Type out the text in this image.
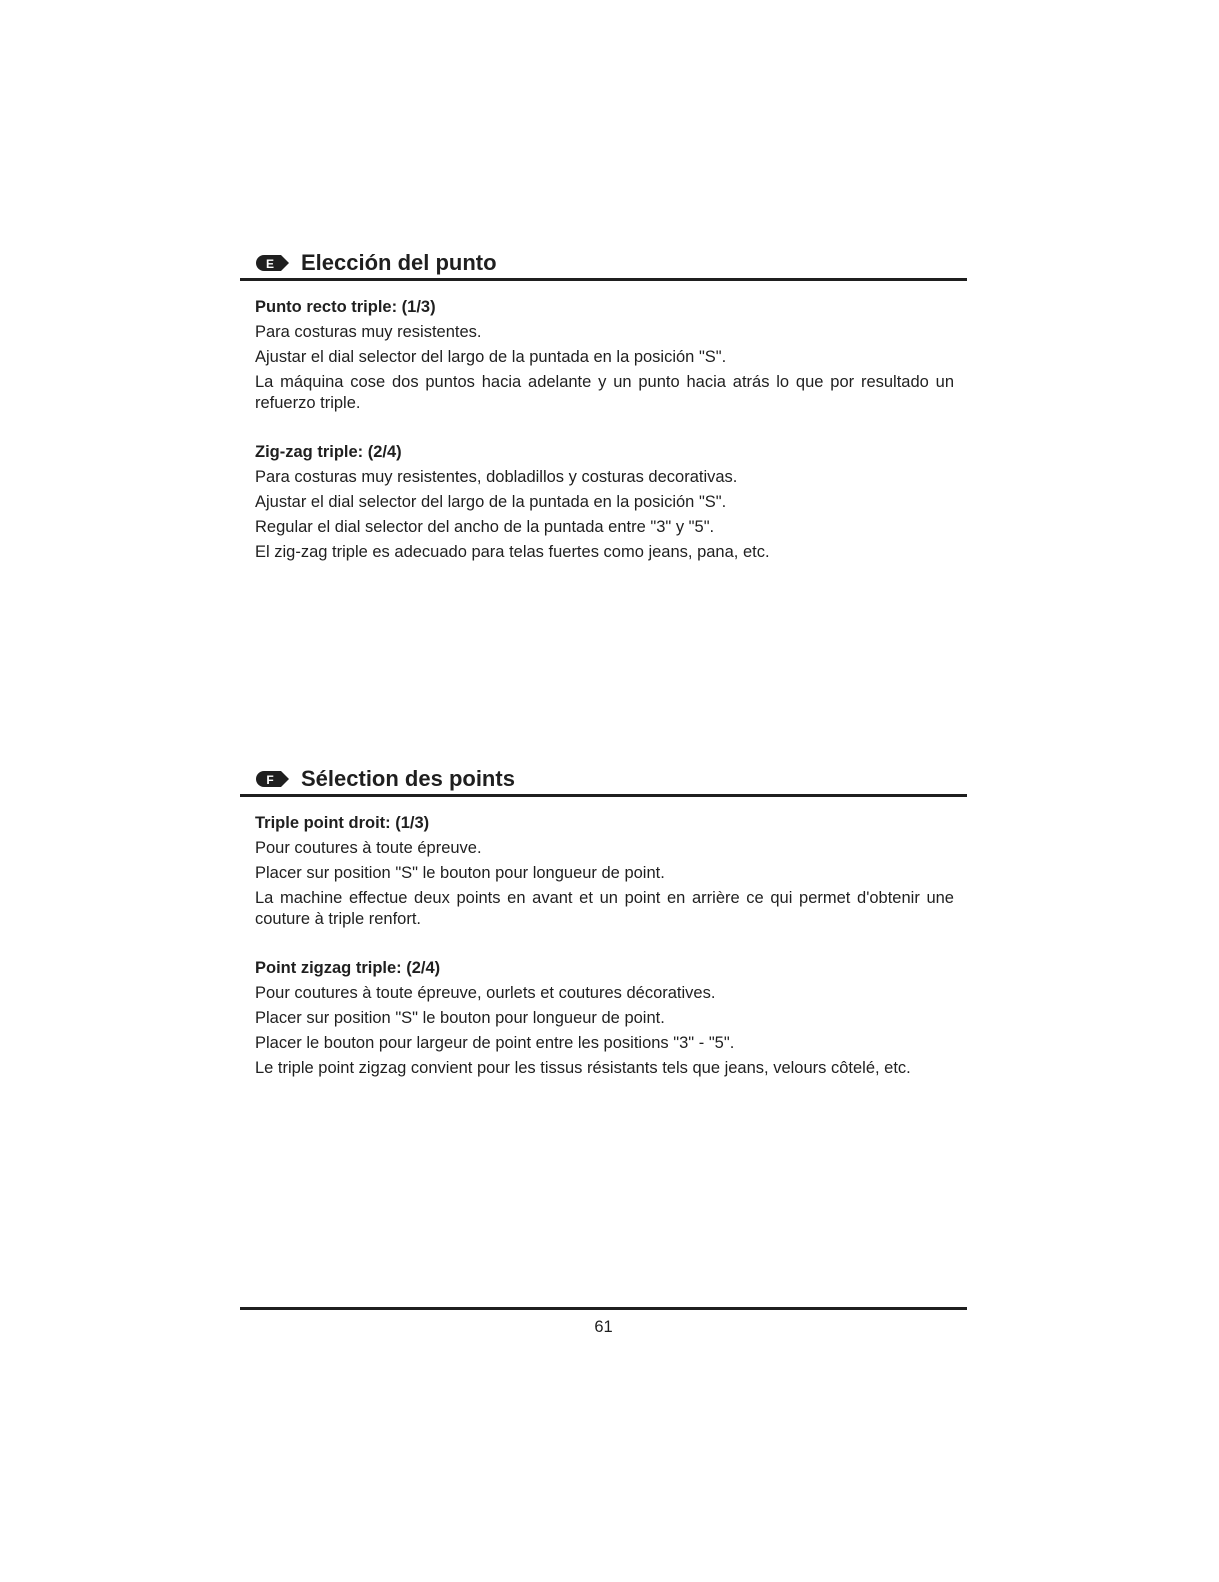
E Elección del punto

Punto recto triple: (1/3)

Para costuras muy resistentes.

Ajustar el dial selector del largo de la puntada en la posición "S".

La máquina cose dos puntos hacia adelante y un punto hacia atrás lo que por resultado un refuerzo triple.

Zig-zag triple: (2/4)

Para costuras muy resistentes, dobladillos y costuras decorativas.

Ajustar el dial selector del largo de la puntada en la posición "S".

Regular el dial selector del ancho de la puntada entre "3" y "5".

El zig-zag triple es adecuado para telas fuertes como jeans, pana, etc.

F Sélection des points

Triple point droit: (1/3)

Pour coutures à toute épreuve.

Placer sur position "S" le bouton pour longueur de point.

La machine effectue deux points en avant et un point en arrière ce qui permet d'obtenir une couture à triple renfort.

Point zigzag triple: (2/4)

Pour coutures à toute épreuve, ourlets et coutures décoratives.

Placer sur position "S" le bouton pour longueur de point.

Placer le bouton pour largeur de point entre les positions "3" - "5".

Le triple point zigzag convient pour les tissus résistants tels que jeans, velours côtelé, etc.

61
